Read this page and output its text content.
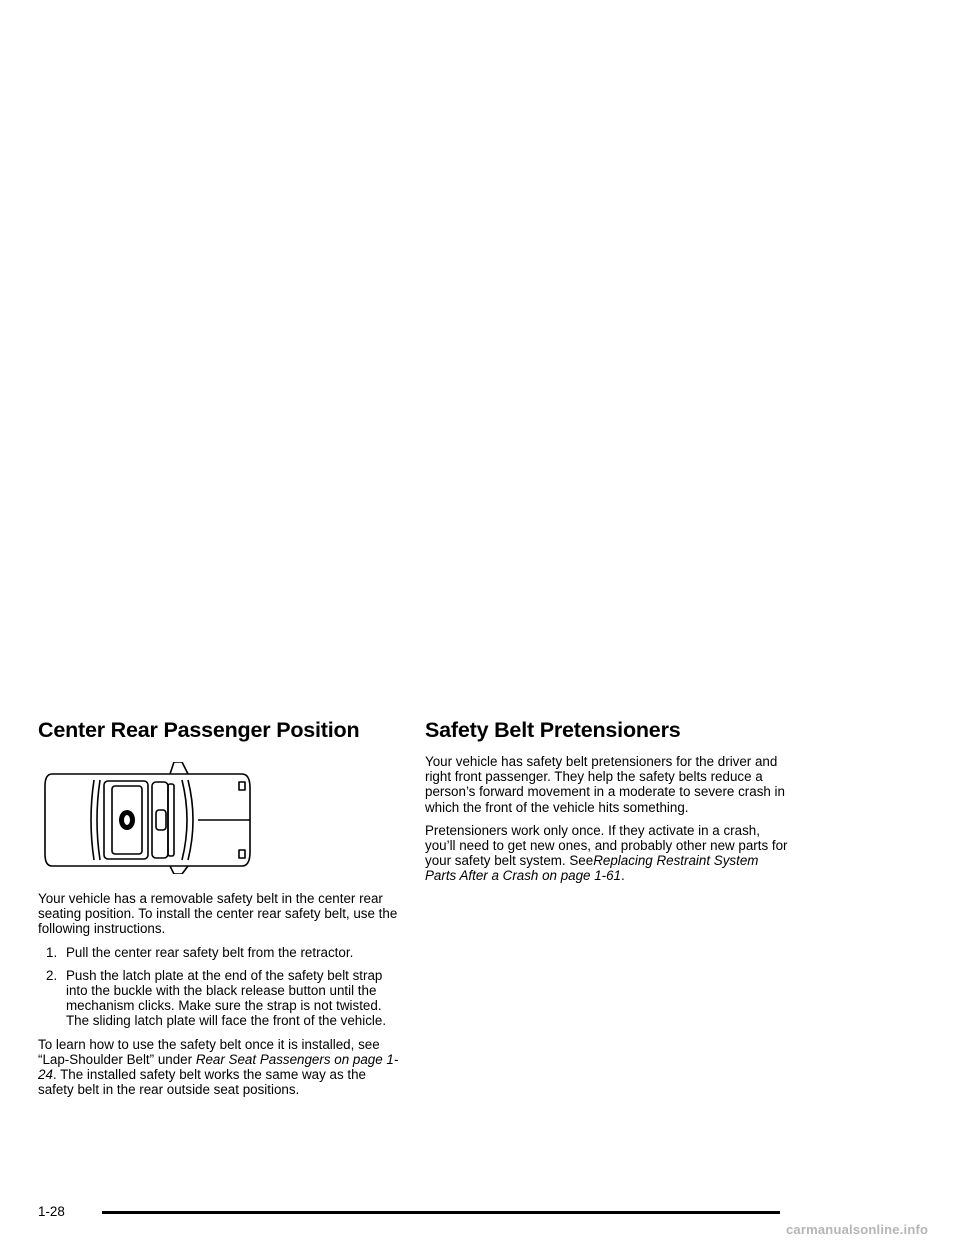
Center Rear Passenger Position

Your vehicle has a removable safety belt in the center rear seating position. To install the center rear safety belt, use the following instructions.

1. Pull the center rear safety belt from the retractor.
2. Push the latch plate at the end of the safety belt strap into the buckle with the black release button until the mechanism clicks. Make sure the strap is not twisted. The sliding latch plate will face the front of the vehicle.

To learn how to use the safety belt once it is installed, see “Lap-Shoulder Belt” under Rear Seat Passengers on page 1-24. The installed safety belt works the same way as the safety belt in the rear outside seat positions.

Safety Belt Pretensioners

Your vehicle has safety belt pretensioners for the driver and right front passenger. They help the safety belts reduce a person’s forward movement in a moderate to severe crash in which the front of the vehicle hits something.

Pretensioners work only once. If they activate in a crash, you’ll need to get new ones, and probably other new parts for your safety belt system. SeeReplacing Restraint System Parts After a Crash on page 1-61.

1-28
carmanualsonline.info
